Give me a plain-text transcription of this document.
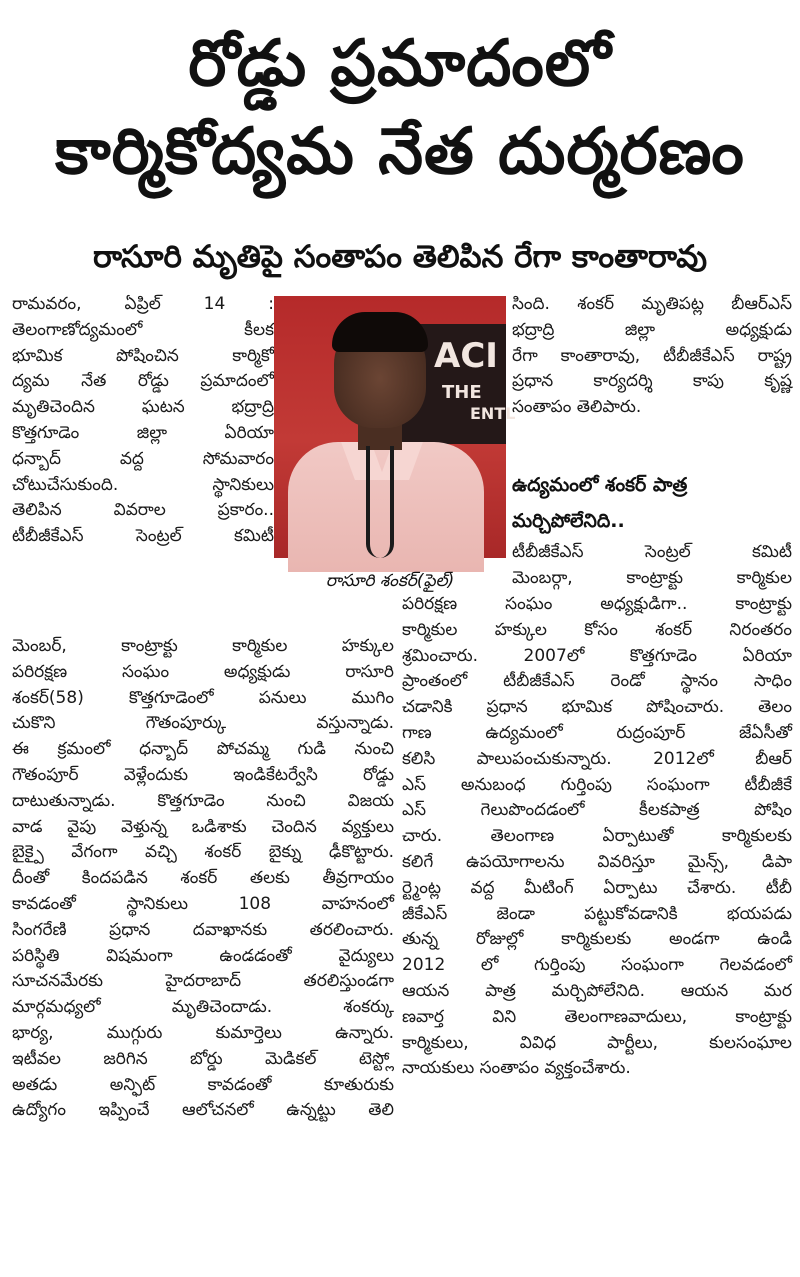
రోడ్డు ప్రమాదంలో
కార్మికోద్యమ నేత దుర్మరణం
రాసూరి మృతిపై సంతాపం తెలిపిన రేగా కాంతారావు
రామవరం, ఏప్రిల్ 14 :
తెలంగాణోద్యమంలో కీలక
భూమిక పోషించిన కార్మికో
ద్యమ నేత రోడ్డు ప్రమాదంలో
మృతిచెందిన ఘటన భద్రాద్రి
కొత్తగూడెం జిల్లా ఏరియా
ధన్బాద్ వద్ద సోమవారం
చోటుచేసుకుంది. స్థానికులు
తెలిపిన వివరాల ప్రకారం..
టీబీజీకేఎస్ సెంట్రల్ కమిటీ
ACI
THE
ENTL
రాసూరి శంకర్(ఫైల్)
మెంబర్, కాంట్రాక్టు కార్మికుల హక్కుల
పరిరక్షణ సంఘం అధ్యక్షుడు రాసూరి
శంకర్(58) కొత్తగూడెంలో పనులు ముగిం
చుకొని గౌతంపూర్కు వస్తున్నాడు.
ఈ క్రమంలో ధన్బాద్ పోచమ్మ గుడి నుంచి
గౌతంపూర్ వెళ్లేందుకు ఇండికేటర్వేసి రోడ్డు
దాటుతున్నాడు. కొత్తగూడెం నుంచి విజయ
వాడ వైపు వెళ్తున్న ఒడిశాకు చెందిన వ్యక్తులు
బైక్పై వేగంగా వచ్చి శంకర్ బైక్ను ఢీకొట్టారు.
దీంతో కిందపడిన శంకర్ తలకు తీవ్రగాయం
కావడంతో స్థానికులు 108 వాహనంలో
సింగరేణి ప్రధాన దవాఖానకు తరలించారు.
పరిస్థితి విషమంగా ఉండడంతో వైద్యులు
సూచనమేరకు హైదరాబాద్ తరలిస్తుండగా
మార్గమధ్యలో మృతిచెందాడు. శంకర్కు
భార్య, ముగ్గురు కుమార్తెలు ఉన్నారు.
ఇటీవల జరిగిన బోర్డు మెడికల్ టెస్ట్లో
అతడు అన్ఫిట్ కావడంతో కూతురుకు
ఉద్యోగం ఇప్పించే ఆలోచనలో ఉన్నట్టు తెలి
సింది. శంకర్ మృతిపట్ల బీఆర్ఎస్
భద్రాద్రి జిల్లా అధ్యక్షుడు
రేగా కాంతారావు, టీబీజీకేఎస్ రాష్ట్ర
ప్రధాన కార్యదర్శి కాపు కృష్ణ
సంతాపం తెలిపారు.
ఉద్యమంలో శంకర్ పాత్ర
మర్చిపోలేనిది..
టీబీజీకేఎస్ సెంట్రల్ కమిటీ
మెంబర్గా, కాంట్రాక్టు కార్మికుల
పరిరక్షణ సంఘం అధ్యక్షుడిగా.. కాంట్రాక్టు
కార్మికుల హక్కుల కోసం శంకర్ నిరంతరం
శ్రమించారు. 2007లో కొత్తగూడెం ఏరియా
ప్రాంతంలో టీబీజీకేఎస్ రెండో స్థానం సాధిం
చడానికి ప్రధాన భూమిక పోషించారు. తెలం
గాణ ఉద్యమంలో రుద్రంపూర్ జేఏసీతో
కలిసి పాలుపంచుకున్నారు. 2012లో బీఆర్
ఎస్ అనుబంధ గుర్తింపు సంఘంగా టీబీజీకే
ఎస్ గెలుపొందడంలో కీలకపాత్ర పోషిం
చారు. తెలంగాణ ఏర్పాటుతో కార్మికులకు
కలిగే ఉపయోగాలను వివరిస్తూ మైన్స్, డిపా
ర్ట్మెంట్ల వద్ద మీటింగ్ ఏర్పాటు చేశారు. టీబీ
జీకేఎస్ జెండా పట్టుకోవడానికి భయపడు
తున్న రోజుల్లో కార్మికులకు అండగా ఉండి
2012 లో గుర్తింపు సంఘంగా గెలవడంలో
ఆయన పాత్ర మర్చిపోలేనిది. ఆయన మర
ణవార్త విని తెలంగాణవాదులు, కాంట్రాక్టు
కార్మికులు, వివిధ పార్టీలు, కులసంఘాల
నాయకులు సంతాపం వ్యక్తంచేశారు.
